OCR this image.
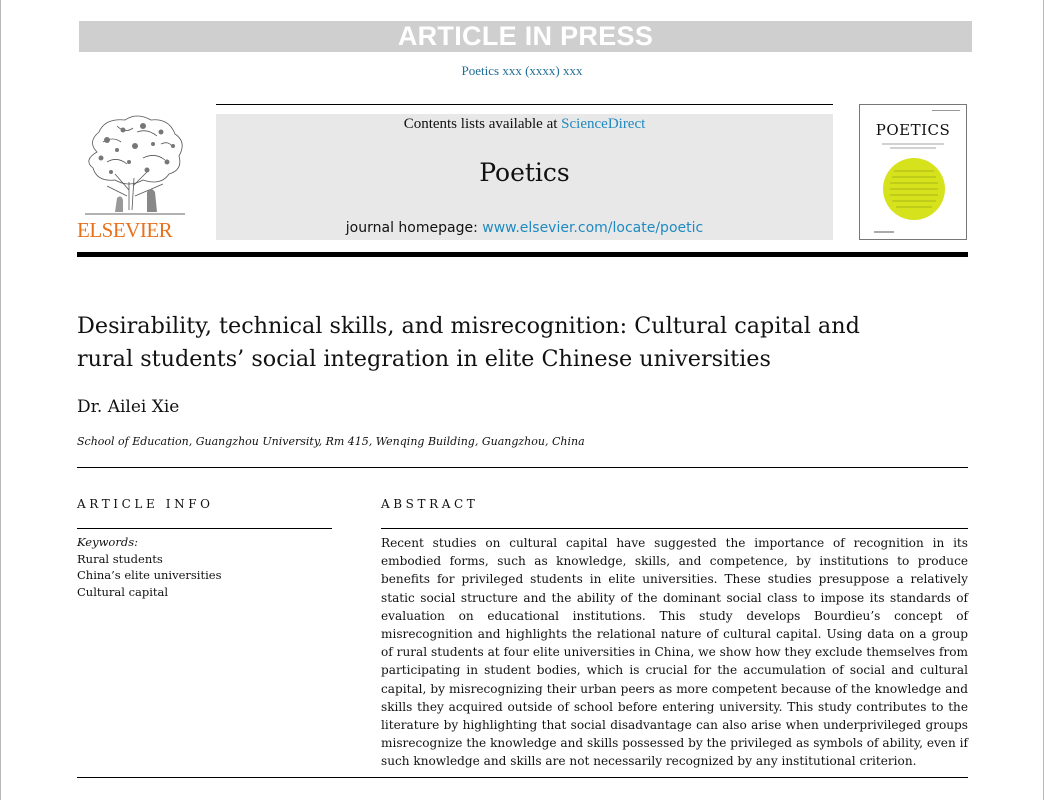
ARTICLE IN PRESS
Poetics xxx (xxxx) xxx
ELSEVIER
Contents lists available at ScienceDirect
Poetics
journal homepage: www.elsevier.com/locate/poetic
POETICS
Desirability, technical skills, and misrecognition: Cultural capital and rural students’ social integration in elite Chinese universities
Dr. Ailei Xie
School of Education, Guangzhou University, Rm 415, Wenqing Building, Guangzhou, China
ARTICLE INFO	ABSTRACT
Keywords:
Rural students
China’s elite universities
Cultural capital
Recent studies on cultural capital have suggested the importance of recognition in its embodied forms, such as knowledge, skills, and competence, by institutions to produce benefits for privileged students in elite universities. These studies presuppose a relatively static social structure and the ability of the dominant social class to impose its standards of evaluation on educational institutions. This study develops Bourdieu’s concept of misrecognition and highlights the relational nature of cultural capital. Using data on a group of rural students at four elite universities in China, we show how they exclude themselves from participating in student bodies, which is crucial for the accumulation of social and cultural capital, by misrecognizing their urban peers as more competent because of the knowledge and skills they acquired outside of school before entering university. This study contributes to the literature by highlighting that social disadvantage can also arise when underprivileged groups misrecognize the knowledge and skills possessed by the privileged as symbols of ability, even if such knowledge and skills are not necessarily recognized by any institutional criterion.
